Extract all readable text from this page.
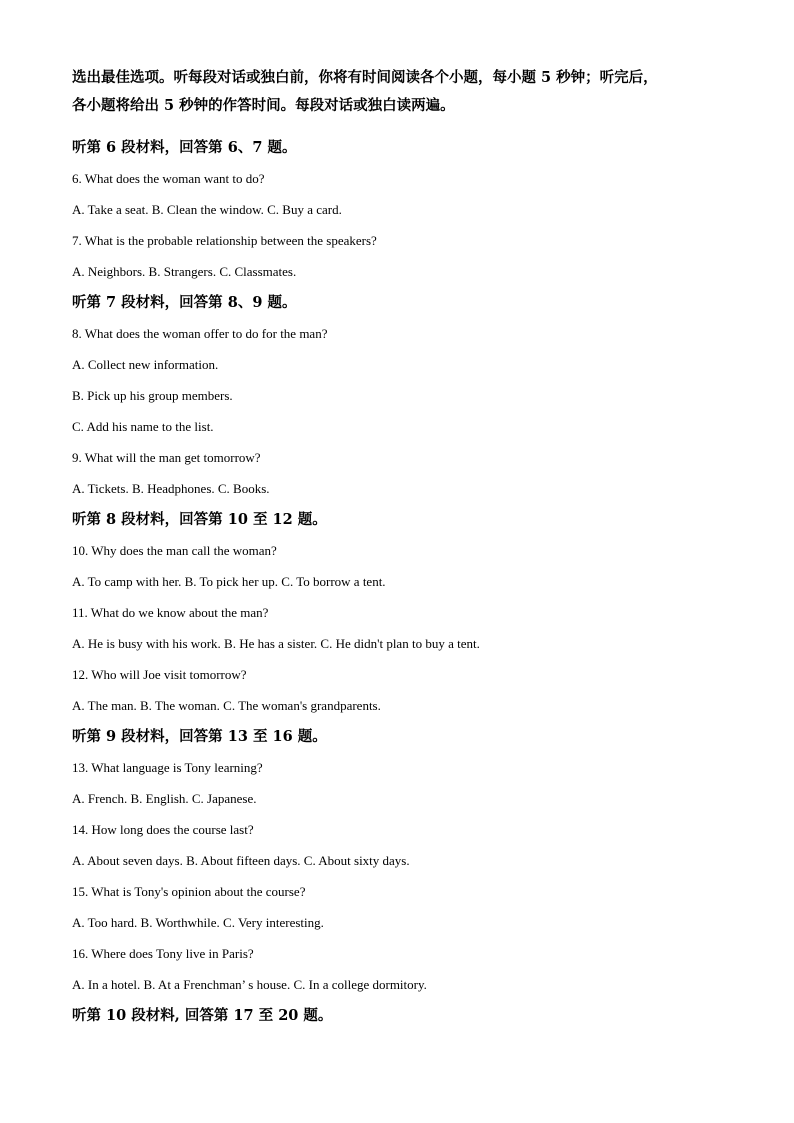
选出最佳选项。听每段对话或独白前，你将有时间阅读各个小题，每小题 5 秒钟；听完后，

各小题将给出 5 秒钟的作答时间。每段对话或独白读两遍。

听第 6 段材料，回答第 6、7 题。

6. What does the woman want to do?

A. Take a seat. B. Clean the window. C. Buy a card.

7. What is the probable relationship between the speakers?

A. Neighbors. B. Strangers. C. Classmates.

听第 7 段材料，回答第 8、9 题。

8. What does the woman offer to do for the man?

A. Collect new information.

B. Pick up his group members.

C. Add his name to the list.

9. What will the man get tomorrow?

A. Tickets. B. Headphones. C. Books.

听第 8 段材料，回答第 10 至 12 题。

10. Why does the man call the woman?

A. To camp with her. B. To pick her up. C. To borrow a tent.

11. What do we know about the man?

A. He is busy with his work. B. He has a sister. C. He didn't plan to buy a tent.

12. Who will Joe visit tomorrow?

A. The man. B. The woman. C. The woman's grandparents.

听第 9 段材料，回答第 13 至 16 题。

13. What language is Tony learning?

A. French. B. English. C. Japanese.

14. How long does the course last?

A. About seven days. B. About fifteen days. C. About sixty days.

15. What is Tony's opinion about the course?

A. Too hard. B. Worthwhile. C. Very interesting.

16. Where does Tony live in Paris?

A. In a hotel. B. At a Frenchman’ s house. C. In a college dormitory.

听第 10 段材料, 回答第 17 至 20 题。
